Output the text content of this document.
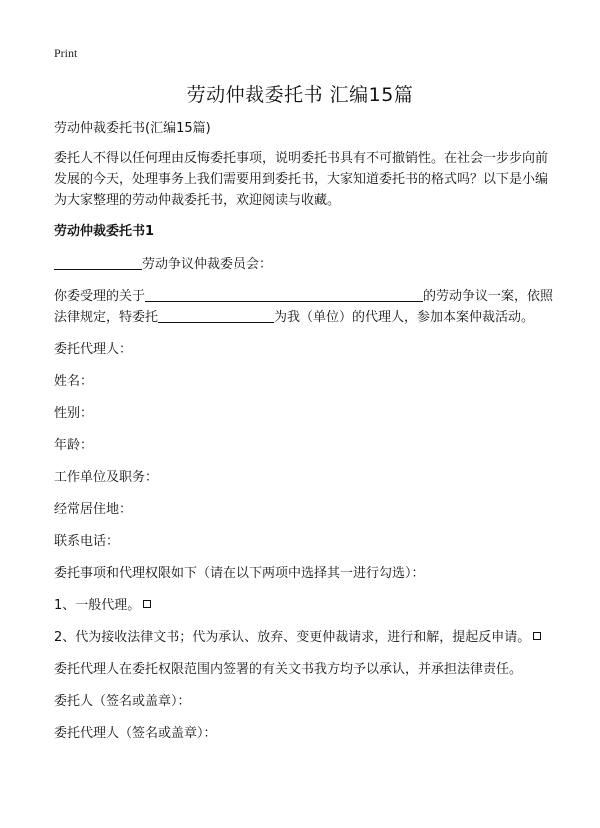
Print
劳动仲裁委托书 汇编15篇

劳动仲裁委托书(汇编15篇)

委托人不得以任何理由反悔委托事项，说明委托书具有不可撤销性。在社会一步步向前发展的今天，处理事务上我们需要用到委托书，大家知道委托书的格式吗？以下是小编为大家整理的劳动仲裁委托书，欢迎阅读与收藏。

劳动仲裁委托书1

劳动争议仲裁委员会：

你委受理的关于	的劳动争议一案，依照法律规定，特委托	为我（单位）的代理人，参加本案仲裁活动。

委托代理人：

姓名：

性别：

年龄：

工作单位及职务：

经常居住地：

联系电话：

委托事项和代理权限如下（请在以下两项中选择其一进行勾选）：

1、一般代理。

2、代为接收法律文书；代为承认、放弃、变更仲裁请求，进行和解，提起反申请。

委托代理人在委托权限范围内签署的有关文书我方均予以承认，并承担法律责任。

委托人（签名或盖章）：

委托代理人（签名或盖章）：
